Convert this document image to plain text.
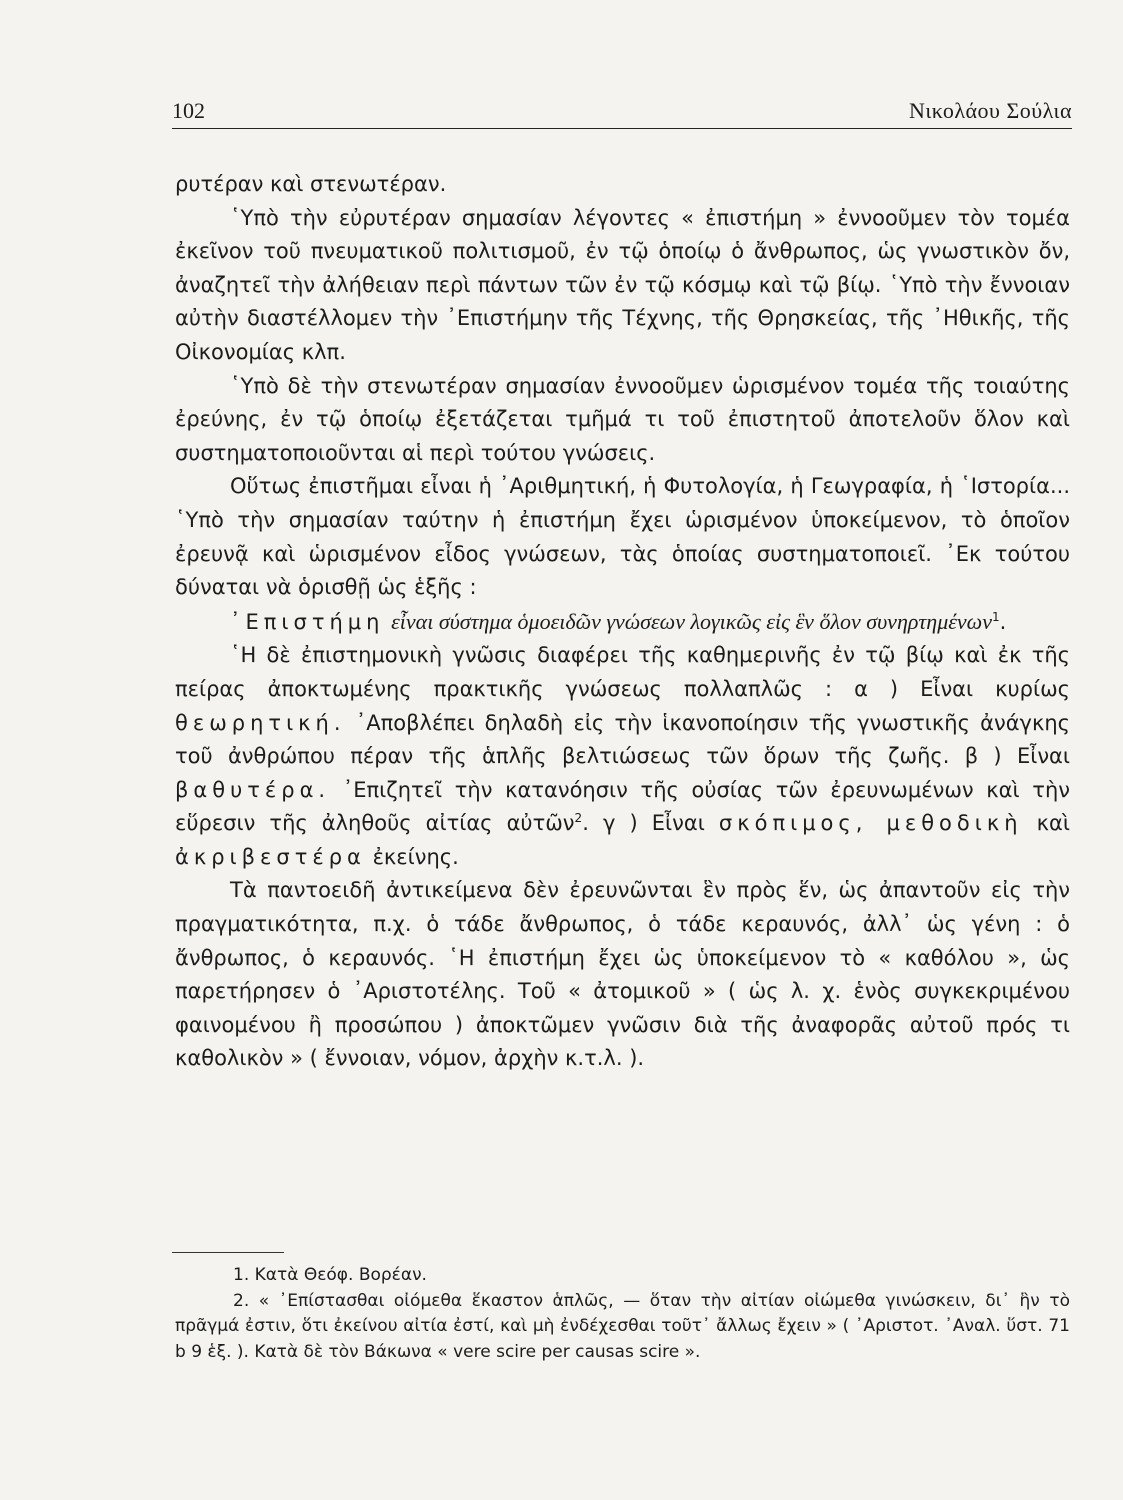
102	Νικολάου Σούλια

ρυτέραν καὶ στενωτέραν.

῾Υπὸ τὴν εὐρυτέραν σημασίαν λέγοντες « ἐπιστήμη » ἐννοοῦμεν τὸν τομέα ἐκεῖνον τοῦ πνευματικοῦ πολιτισμοῦ, ἐν τῷ ὁποίῳ ὁ ἄνθρωπος, ὡς γνωστικὸν ὄν, ἀναζητεῖ τὴν ἀλήθειαν περὶ πάντων τῶν ἐν τῷ κόσμῳ καὶ τῷ βίῳ. ῾Υπὸ τὴν ἔννοιαν αὐτὴν διαστέλλομεν τὴν ᾿Επιστήμην τῆς Τέχνης, τῆς Θρησκείας, τῆς ᾿Ηθικῆς, τῆς Οἰκονομίας κλπ.

῾Υπὸ δὲ τὴν στενωτέραν σημασίαν ἐννοοῦμεν ὡρισμένον τομέα τῆς τοιαύτης ἐρεύνης, ἐν τῷ ὁποίῳ ἐξετάζεται τμῆμά τι τοῦ ἐπιστητοῦ ἀποτελοῦν ὅλον καὶ συστηματοποιοῦνται αἱ περὶ τούτου γνώσεις.

Οὕτως ἐπιστῆμαι εἶναι ἡ ᾿Αριθμητική, ἡ Φυτολογία, ἡ Γεωγραφία, ἡ ῾Ιστορία... ῾Υπὸ τὴν σημασίαν ταύτην ἡ ἐπιστήμη ἔχει ὡρισμένον ὑποκείμενον, τὸ ὁποῖον ἐρευνᾷ καὶ ὡρισμένον εἶδος γνώσεων, τὰς ὁποίας συστηματοποιεῖ. ᾿Εκ τούτου δύναται νὰ ὁρισθῇ ὡς ἑξῆς :

᾿Επιστήμη εἶναι σύστημα ὁμοειδῶν γνώσεων λογικῶς εἰς ἓν ὅλον συνηρτημένων$^1$.

῾Η δὲ ἐπιστημονικὴ γνῶσις διαφέρει τῆς καθημερινῆς ἐν τῷ βίῳ καὶ ἐκ τῆς πείρας ἀποκτωμένης πρακτικῆς γνώσεως πολλαπλῶς : α ) Εἶναι κυρίως θεωρητική. ᾿Αποβλέπει δηλαδὴ εἰς τὴν ἱκανοποίησιν τῆς γνωστικῆς ἀνάγκης τοῦ ἀνθρώπου πέραν τῆς ἁπλῆς βελτιώσεως τῶν ὅρων τῆς ζωῆς. β ) Εἶναι βαθυτέρα. ᾿Επιζητεῖ τὴν κατανόησιν τῆς οὐσίας τῶν ἐρευνωμένων καὶ τὴν εὕρεσιν τῆς ἀληθοῦς αἰτίας αὐτῶν$^2$. γ ) Εἶναι σκόπιμος, μεθοδικὴ καὶ ἀκριβεστέρα ἐκείνης.

Τὰ παντοειδῆ ἀντικείμενα δὲν ἐρευνῶνται ἓν πρὸς ἕν, ὡς ἀπαντοῦν εἰς τὴν πραγματικότητα, π.χ. ὁ τάδε ἄνθρωπος, ὁ τάδε κεραυνός, ἀλλ᾿ ὡς γένη : ὁ ἄνθρωπος, ὁ κεραυνός. ῾Η ἐπιστήμη ἔχει ὡς ὑποκείμενον τὸ « καθόλου », ὡς παρετήρησεν ὁ ᾿Αριστοτέλης. Τοῦ « ἀτομικοῦ » ( ὡς λ. χ. ἑνὸς συγκεκριμένου φαινομένου ἢ προσώπου ) ἀποκτῶμεν γνῶσιν διὰ τῆς ἀναφορᾶς αὐτοῦ πρός τι καθολικὸν » ( ἔννοιαν, νόμον, ἀρχὴν κ.τ.λ. ).

1. Κατὰ Θεόφ. Βορέαν.

2. « ᾿Επίστασθαι οἰόμεθα ἕκαστον ἁπλῶς, — ὅταν τὴν αἰτίαν οἰώμεθα γινώσκειν, δι᾿ ἣν τὸ πρᾶγμά ἐστιν, ὅτι ἐκείνου αἰτία ἐστί, καὶ μὴ ἐνδέχεσθαι τοῦτ᾿ ἄλλως ἔχειν » ( ᾿Αριστοτ. ᾿Αναλ. ὕστ. 71 b 9 ἑξ. ). Κατὰ δὲ τὸν Βάκωνα « vere scire per causas scire ».
